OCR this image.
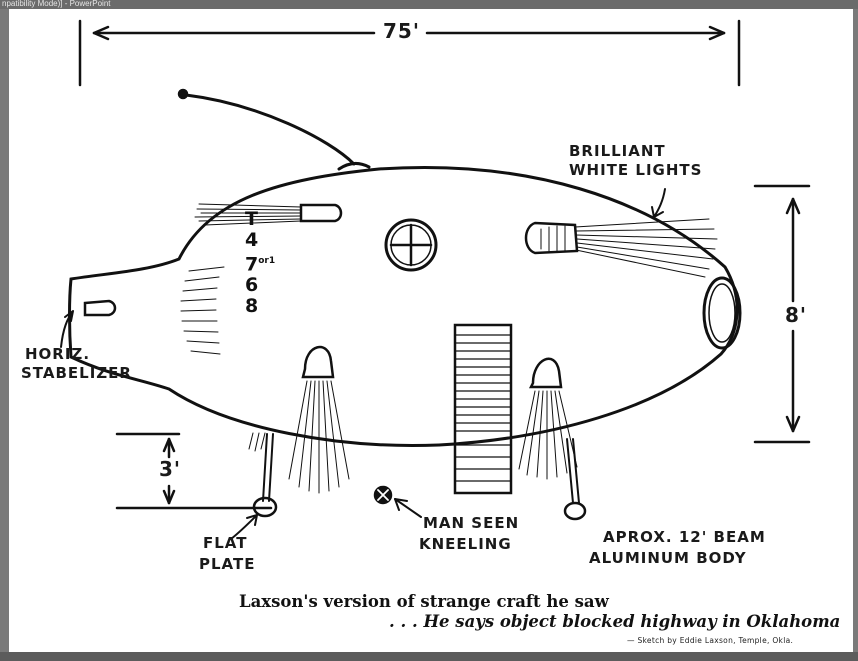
npatibility Mode)] - PowerPoint
75'
8'
3'
T
4
$7^{or1}$
6
8
BRILLIANT
WHITE LIGHTS
HORIZ.
STABELIZER
FLAT
PLATE
MAN SEEN
KNEELING	APROX. 12' BEAM
ALUMINUM BODY
Laxson's version of strange craft he saw
. . . He says object blocked highway in Oklahoma
— Sketch by Eddie Laxson, Temple, Okla.
